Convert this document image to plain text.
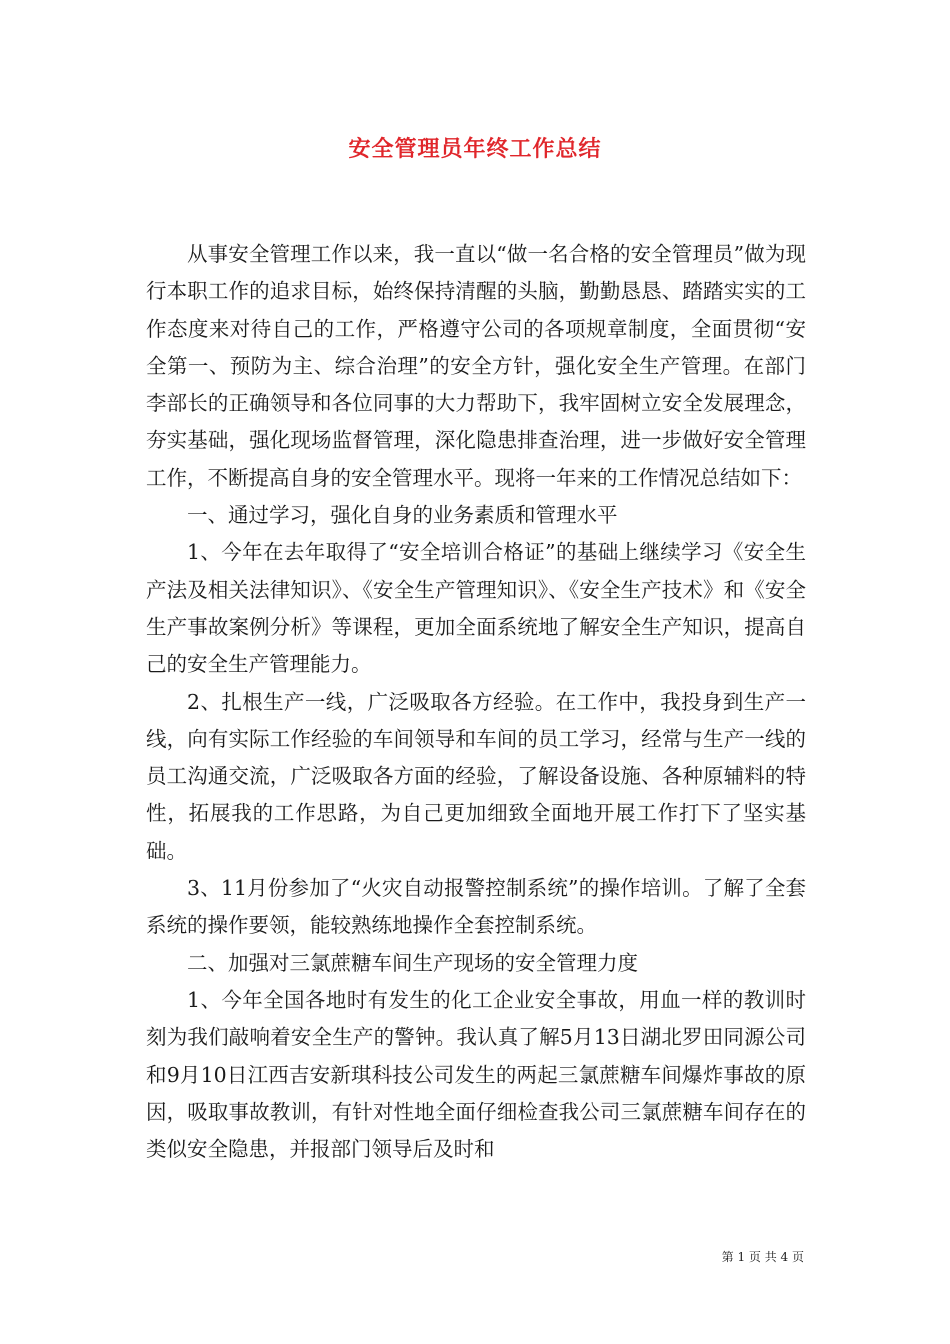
安全管理员年终工作总结

从事安全管理工作以来，我一直以“做一名合格的安全管理员”做为现行本职工作的追求目标，始终保持清醒的头脑，勤勤恳恳、踏踏实实的工作态度来对待自己的工作，严格遵守公司的各项规章制度，全面贯彻“安全第一、预防为主、综合治理”的安全方针，强化安全生产管理。在部门李部长的正确领导和各位同事的大力帮助下，我牢固树立安全发展理念，夯实基础，强化现场监督管理，深化隐患排查治理，进一步做好安全管理工作，不断提高自身的安全管理水平。现将一年来的工作情况总结如下：

一、通过学习，强化自身的业务素质和管理水平

1、今年在去年取得了“安全培训合格证”的基础上继续学习《安全生产法及相关法律知识》、《安全生产管理知识》、《安全生产技术》和《安全生产事故案例分析》等课程，更加全面系统地了解安全生产知识，提高自己的安全生产管理能力。

2、扎根生产一线，广泛吸取各方经验。在工作中，我投身到生产一线，向有实际工作经验的车间领导和车间的员工学习，经常与生产一线的员工沟通交流，广泛吸取各方面的经验，了解设备设施、各种原辅料的特性，拓展我的工作思路，为自己更加细致全面地开展工作打下了坚实基础。

3、11月份参加了“火灾自动报警控制系统”的操作培训。了解了全套系统的操作要领，能较熟练地操作全套控制系统。

二、加强对三氯蔗糖车间生产现场的安全管理力度

1、今年全国各地时有发生的化工企业安全事故，用血一样的教训时刻为我们敲响着安全生产的警钟。我认真了解5月13日湖北罗田同源公司和9月10日江西吉安新琪科技公司发生的两起三氯蔗糖车间爆炸事故的原因，吸取事故教训，有针对性地全面仔细检查我公司三氯蔗糖车间存在的类似安全隐患，并报部门领导后及时和

第 1 页 共 4 页
